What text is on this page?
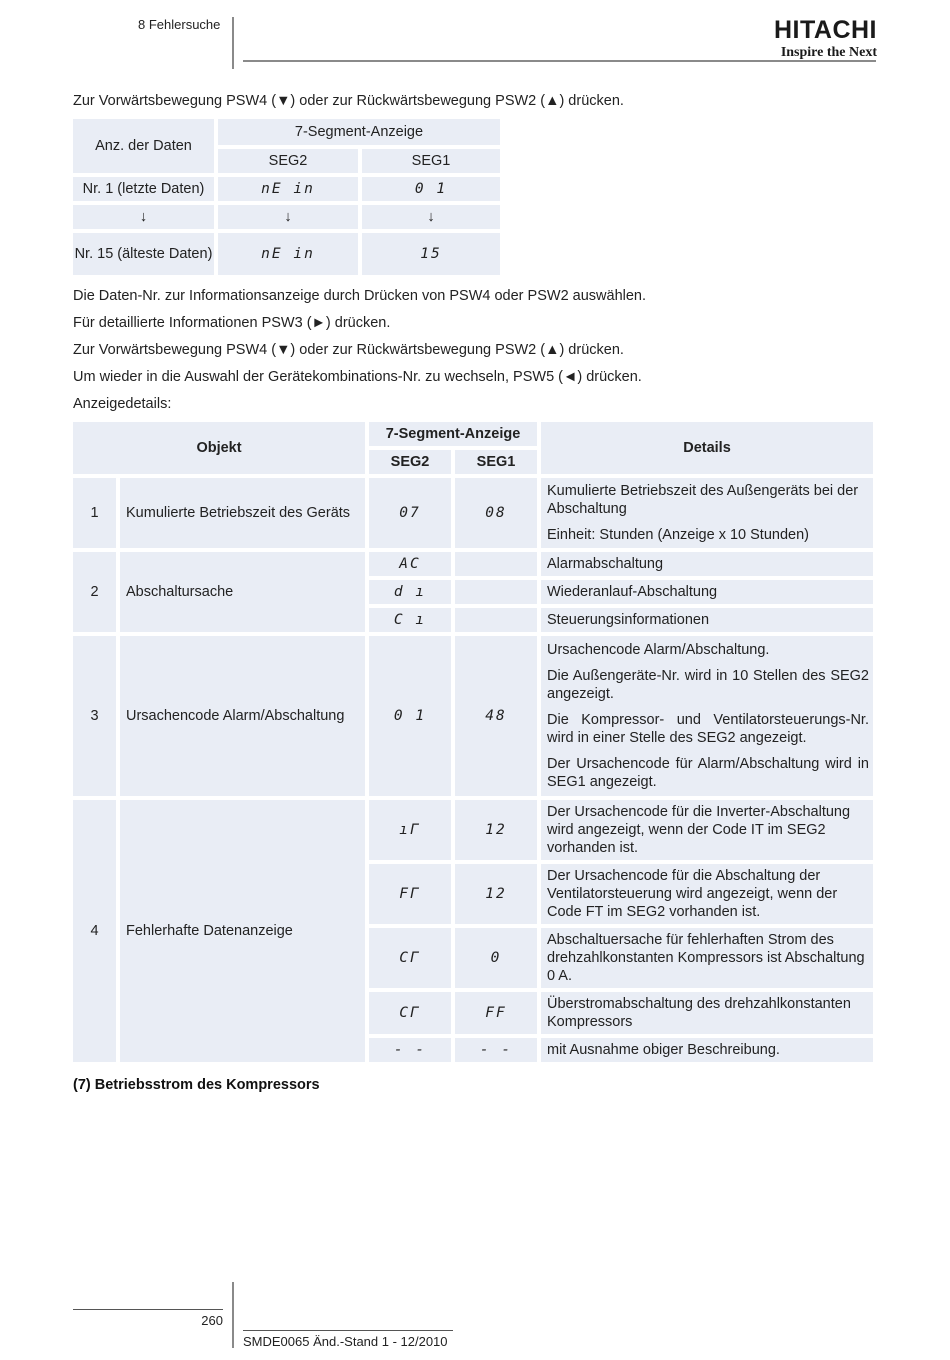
8 Fehlersuche	HITACHI
Inspire the Next
Zur Vorwärtsbewegung PSW4 (▼) oder zur Rückwärtsbewegung PSW2 (▲) drücken.
Anz. der Daten	7-Segment-Anzeige	
	SEG2	SEG1
Nr. 1 (letzte Daten)	nE in	0 1
↓	↓	↓
Nr. 15 (älteste Daten)	nE in	15
Die Daten-Nr. zur Informationsanzeige durch Drücken von PSW4 oder PSW2 auswählen.
Für detaillierte Informationen PSW3 (►) drücken.
Zur Vorwärtsbewegung PSW4 (▼) oder zur Rückwärtsbewegung PSW2 (▲) drücken.
Um wieder in die Auswahl der Gerätekombinations-Nr. zu wechseln, PSW5 (◄) drücken.
Anzeigedetails:
Objekt		7-Segment-Anzeige		Details
		SEG2	SEG1	
1	Kumulierte Betriebszeit des Geräts	07	08	Kumulierte Betriebszeit des Außengeräts bei der Abschaltung

Einheit: Stunden (Anzeige x 10 Stunden)

2	Abschaltursache	AC		Alarmabschaltung
		d ı		Wiederanlauf-Abschaltung
		C ı		Steuerungsinformationen
3	Ursachencode Alarm/Abschaltung	0 1	48	Ursachencode Alarm/Abschaltung.

Die Außengeräte-Nr. wird in 10 Stellen des SEG2 angezeigt.

Die Kompressor- und Ventilatorsteuerungs-Nr. wird in einer Stelle des SEG2 angezeigt.

Der Ursachencode für Alarm/Abschaltung wird in SEG1 angezeigt.

4	Fehlerhafte Datenanzeige	ıΓ	12	Der Ursachencode für die Inverter-Abschaltung wird angezeigt, wenn der Code IT im SEG2 vorhanden ist.

		FΓ	12	Der Ursachencode für die Abschaltung der Ventilatorsteuerung wird angezeigt, wenn der Code FT im SEG2 vorhanden ist.

		CΓ	0	Abschaltuersache für fehlerhaften Strom des drehzahlkonstanten Kompressors ist Abschaltung 0 A.

		CΓ	FF	Überstromabschaltung des drehzahlkonstanten Kompressors

		- -	- -	mit Ausnahme obiger Beschreibung.
(7) Betriebsstrom des Kompressors
260
SMDE0065 Änd.-Stand 1 - 12/2010
